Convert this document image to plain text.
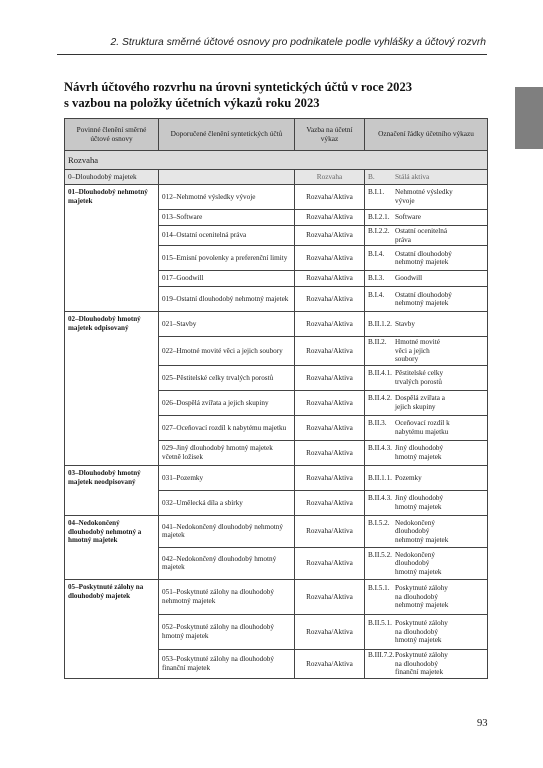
2. Struktura směrné účtové osnovy pro podnikatele podle vyhlášky a účtový rozvrh
Návrh účtového rozvrhu na úrovni syntetických účtů v roce 2023
s vazbou na položky účetních výkazů roku 2023
Povinné členění směrné účtové osnovy	Doporučené členění syntetických účtů	Vazba na účetní výkaz	Označení řádky účetního výkazu
Rozvaha			
0–Dlouhodobý majetek		Rozvaha	B. Stálá aktiva
01–Dlouhodobý nehmotný majetek	012–Nehmotné výsledky vývoje	Rozvaha/Aktiva	B.I.1. Nehmotné výsledky vývoje
	013–Software	Rozvaha/Aktiva	B.I.2.1. Software
	014–Ostatní ocenitelná práva	Rozvaha/Aktiva	B.I.2.2. Ostatní ocenitelná práva
	015–Emisní povolenky a preferenční limity	Rozvaha/Aktiva	B.I.4. Ostatní dlouhodobý nehmotný majetek
	017–Goodwill	Rozvaha/Aktiva	B.I.3. Goodwill
	019–Ostatní dlouhodobý nehmotný majetek	Rozvaha/Aktiva	B.I.4. Ostatní dlouhodobý nehmotný majetek
02–Dlouhodobý hmotný majetek odpisovaný	021–Stavby	Rozvaha/Aktiva	B.II.1.2. Stavby
	022–Hmotné movité věci a jejich soubory	Rozvaha/Aktiva	B.II.2. Hmotné movité věci a jejich soubory
	025–Pěstitelské celky trvalých porostů	Rozvaha/Aktiva	B.II.4.1. Pěstitelské celky trvalých porostů
	026–Dospělá zvířata a jejich skupiny	Rozvaha/Aktiva	B.II.4.2. Dospělá zvířata a jejich skupiny
	027–Oceňovací rozdíl k nabytému majetku	Rozvaha/Aktiva	B.II.3. Oceňovací rozdíl k nabytému majetku
	029–Jiný dlouhodobý hmotný majetek včetně ložisek	Rozvaha/Aktiva	B.II.4.3. Jiný dlouhodobý hmotný majetek
03–Dlouhodobý hmotný majetek neodpisovaný	031–Pozemky	Rozvaha/Aktiva	B.II.1.1. Pozemky
	032–Umělecká díla a sbírky	Rozvaha/Aktiva	B.II.4.3. Jiný dlouhodobý hmotný majetek
04–Nedokončený dlouhodobý nehmotný a hmotný majetek	041–Nedokončený dlouhodobý nehmotný majetek	Rozvaha/Aktiva	B.I.5.2. Nedokončený dlouhodobý nehmotný majetek
	042–Nedokončený dlouhodobý hmotný majetek	Rozvaha/Aktiva	B.II.5.2. Nedokončený dlouhodobý hmotný majetek
05–Poskytnuté zálohy na dlouhodobý majetek	051–Poskytnuté zálohy na dlouhodobý nehmotný majetek	Rozvaha/Aktiva	B.I.5.1. Poskytnuté zálohy na dlouhodobý nehmotný majetek
	052–Poskytnuté zálohy na dlouhodobý hmotný majetek	Rozvaha/Aktiva	B.II.5.1. Poskytnuté zálohy na dlouhodobý hmotný majetek
	053–Poskytnuté zálohy na dlouhodobý finanční majetek	Rozvaha/Aktiva	B.III.7.2.Poskytnuté zálohy na dlouhodobý finanční majetek
93
